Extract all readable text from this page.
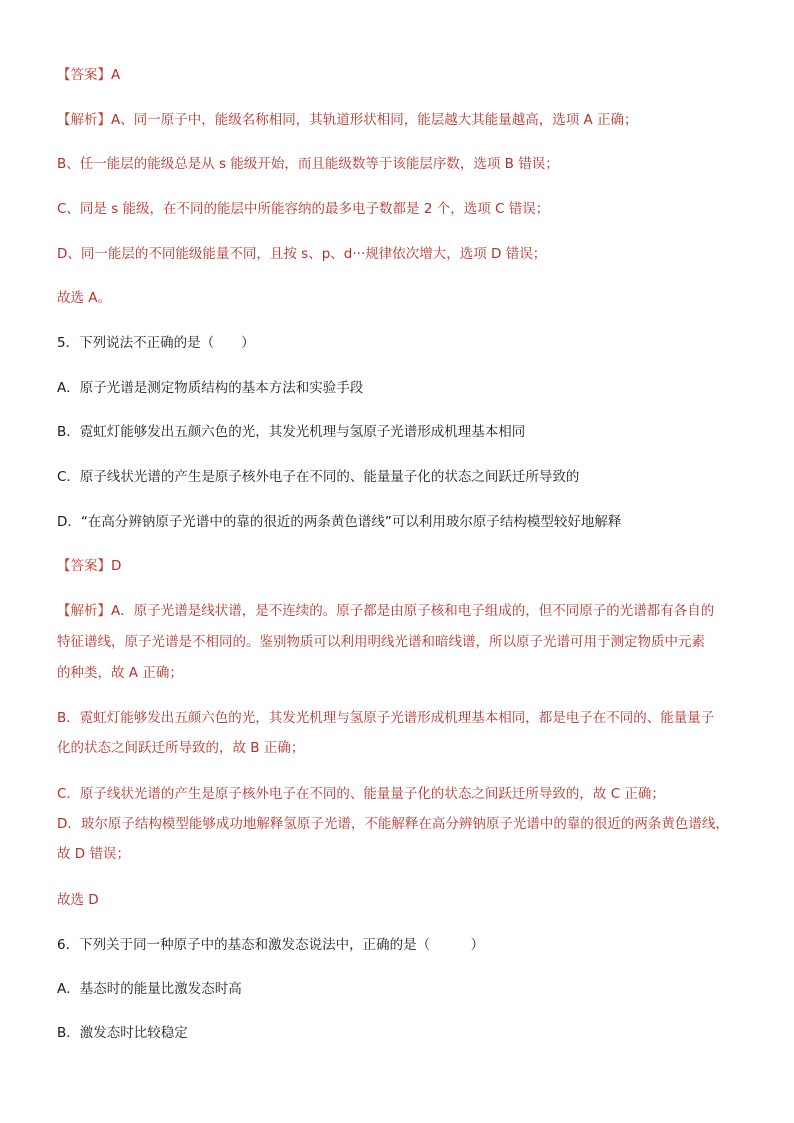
【答案】A
【解析】A、同一原子中，能级名称相同，其轨道形状相同，能层越大其能量越高，选项 A 正确；
B、任一能层的能级总是从 s 能级开始，而且能级数等于该能层序数，选项 B 错误；
C、同是 s 能级，在不同的能层中所能容纳的最多电子数都是 2 个，选项 C 错误；
D、同一能层的不同能级能量不同，且按 s、p、d···规律依次增大，选项 D 错误；
故选 A。
5．下列说法不正确的是（　　）
A．原子光谱是测定物质结构的基本方法和实验手段
B．霓虹灯能够发出五颜六色的光，其发光机理与氢原子光谱形成机理基本相同
C．原子线状光谱的产生是原子核外电子在不同的、能量量子化的状态之间跃迁所导致的
D．“在高分辨钠原子光谱中的靠的很近的两条黄色谱线”可以利用玻尔原子结构模型较好地解释
【答案】D
【解析】A．原子光谱是线状谱，是不连续的。原子都是由原子核和电子组成的，但不同原子的光谱都有各自的
特征谱线，原子光谱是不相同的。鉴别物质可以利用明线光谱和暗线谱，所以原子光谱可用于测定物质中元素
的种类，故 A 正确；
B．霓虹灯能够发出五颜六色的光，其发光机理与氢原子光谱形成机理基本相同，都是电子在不同的、能量量子
化的状态之间跃迁所导致的，故 B 正确；
C．原子线状光谱的产生是原子核外电子在不同的、能量量子化的状态之间跃迁所导致的，故 C 正确；
D．玻尔原子结构模型能够成功地解释氢原子光谱，不能解释在高分辨钠原子光谱中的靠的很近的两条黄色谱线，
故 D 错误；
故选 D
6．下列关于同一种原子中的基态和激发态说法中，正确的是（　　　）
A．基态时的能量比激发态时高
B．激发态时比较稳定
